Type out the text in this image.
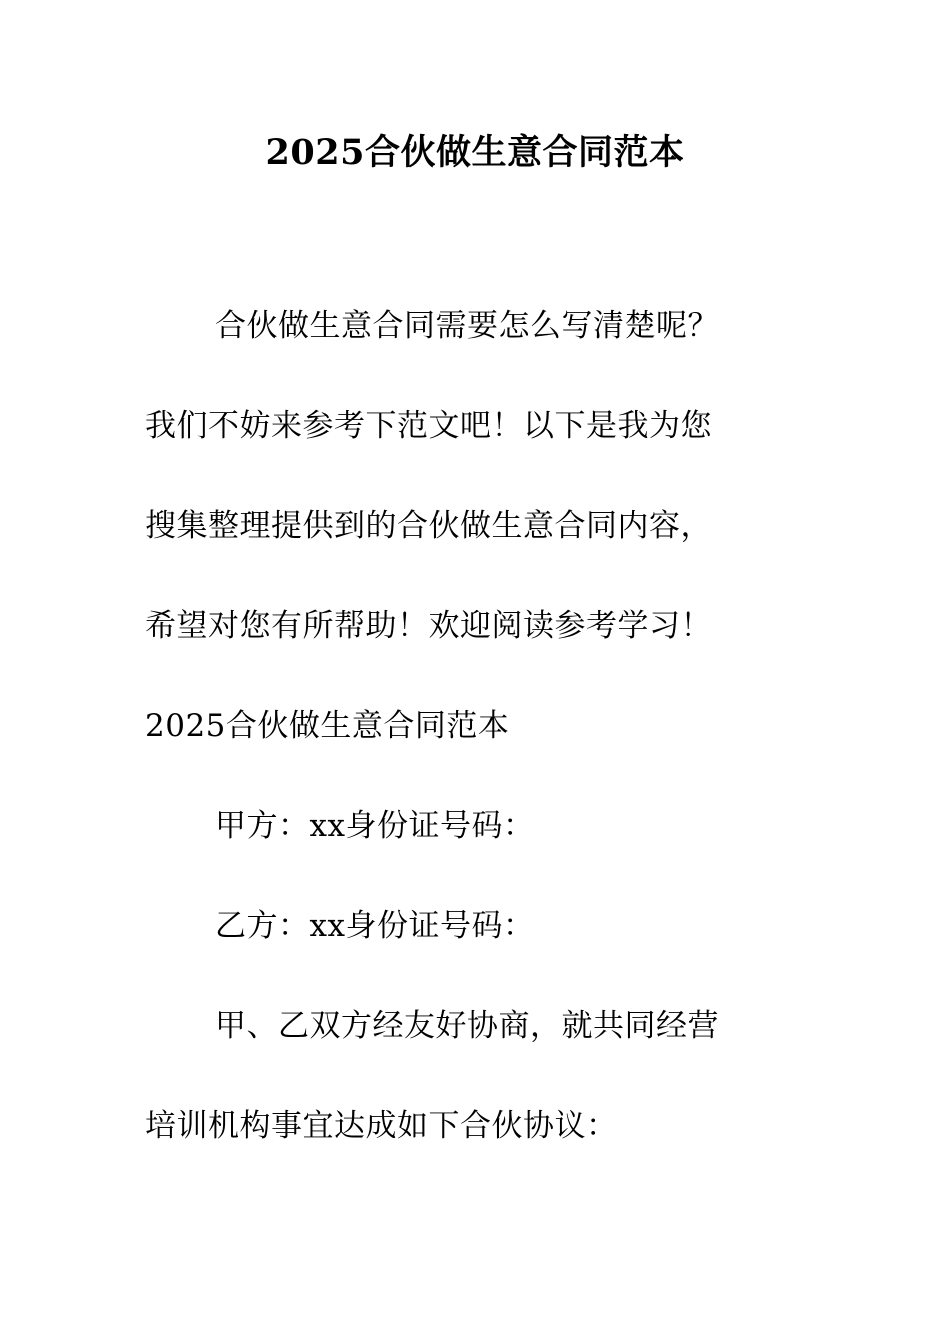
2025合伙做生意合同范本
合伙做生意合同需要怎么写清楚呢？
我们不妨来参考下范文吧！以下是我为您
搜集整理提供到的合伙做生意合同内容，
希望对您有所帮助！欢迎阅读参考学习！
2025合伙做生意合同范本
甲方：xx身份证号码：
乙方：xx身份证号码：
甲、乙双方经友好协商，就共同经营
培训机构事宜达成如下合伙协议：
